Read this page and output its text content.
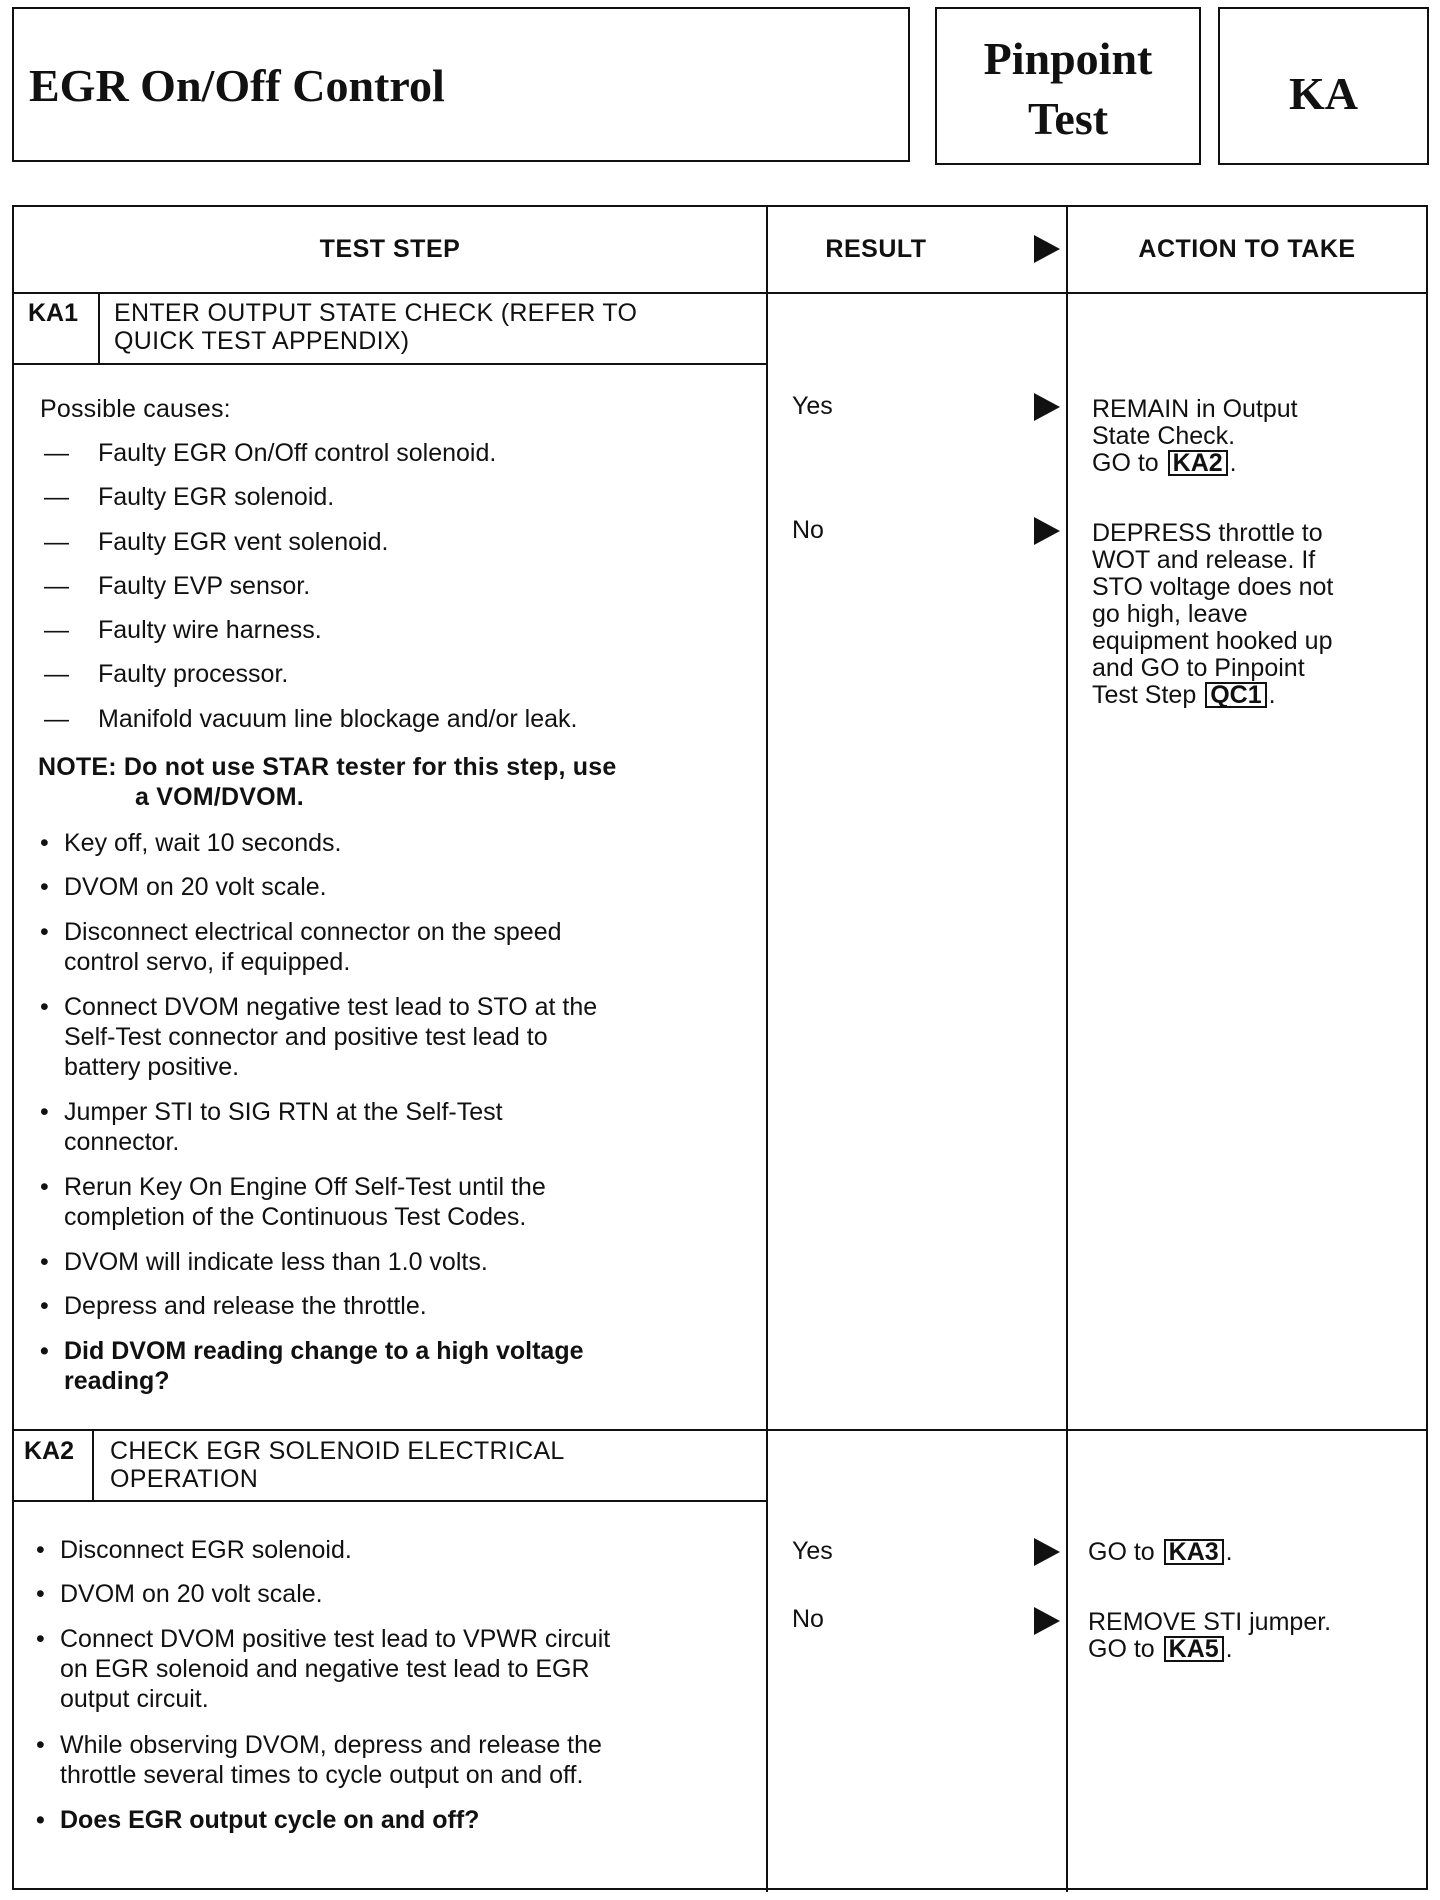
EGR On/Off Control
Pinpoint
Test	KA
TEST STEP	RESULT	ACTION TO TAKE
KA1 ENTER OUTPUT STATE CHECK (REFER TO
QUICK TEST APPENDIX)
Possible causes:
— Faulty EGR On/Off control solenoid.
— Faulty EGR solenoid.
— Faulty EGR vent solenoid.
— Faulty EVP sensor.
— Faulty wire harness.
— Faulty processor.
— Manifold vacuum line blockage and/or leak.
NOTE: Do not use STAR tester for this step, use
a VOM/DVOM.
• Key off, wait 10 seconds.
• DVOM on 20 volt scale.
• Disconnect electrical connector on the speed
control servo, if equipped.
• Connect DVOM negative test lead to STO at the
Self-Test connector and positive test lead to
battery positive.
• Jumper STI to SIG RTN at the Self-Test
connector.
• Rerun Key On Engine Off Self-Test until the
completion of the Continuous Test Codes.
• DVOM will indicate less than 1.0 volts.
• Depress and release the throttle.
• Did DVOM reading change to a high voltage
reading?
Yes	REMAIN in Output
State Check.
GO to KA2 .
No	DEPRESS throttle to
WOT and release. If
STO voltage does not
go high, leave
equipment hooked up
and GO to Pinpoint
Test Step QC1 .
KA2 CHECK EGR SOLENOID ELECTRICAL
OPERATION
• Disconnect EGR solenoid.
• DVOM on 20 volt scale.
• Connect DVOM positive test lead to VPWR circuit
on EGR solenoid and negative test lead to EGR
output circuit.
• While observing DVOM, depress and release the
throttle several times to cycle output on and off.
• Does EGR output cycle on and off?
Yes	GO to KA3 .
No	REMOVE STI jumper.
GO to KA5 .
